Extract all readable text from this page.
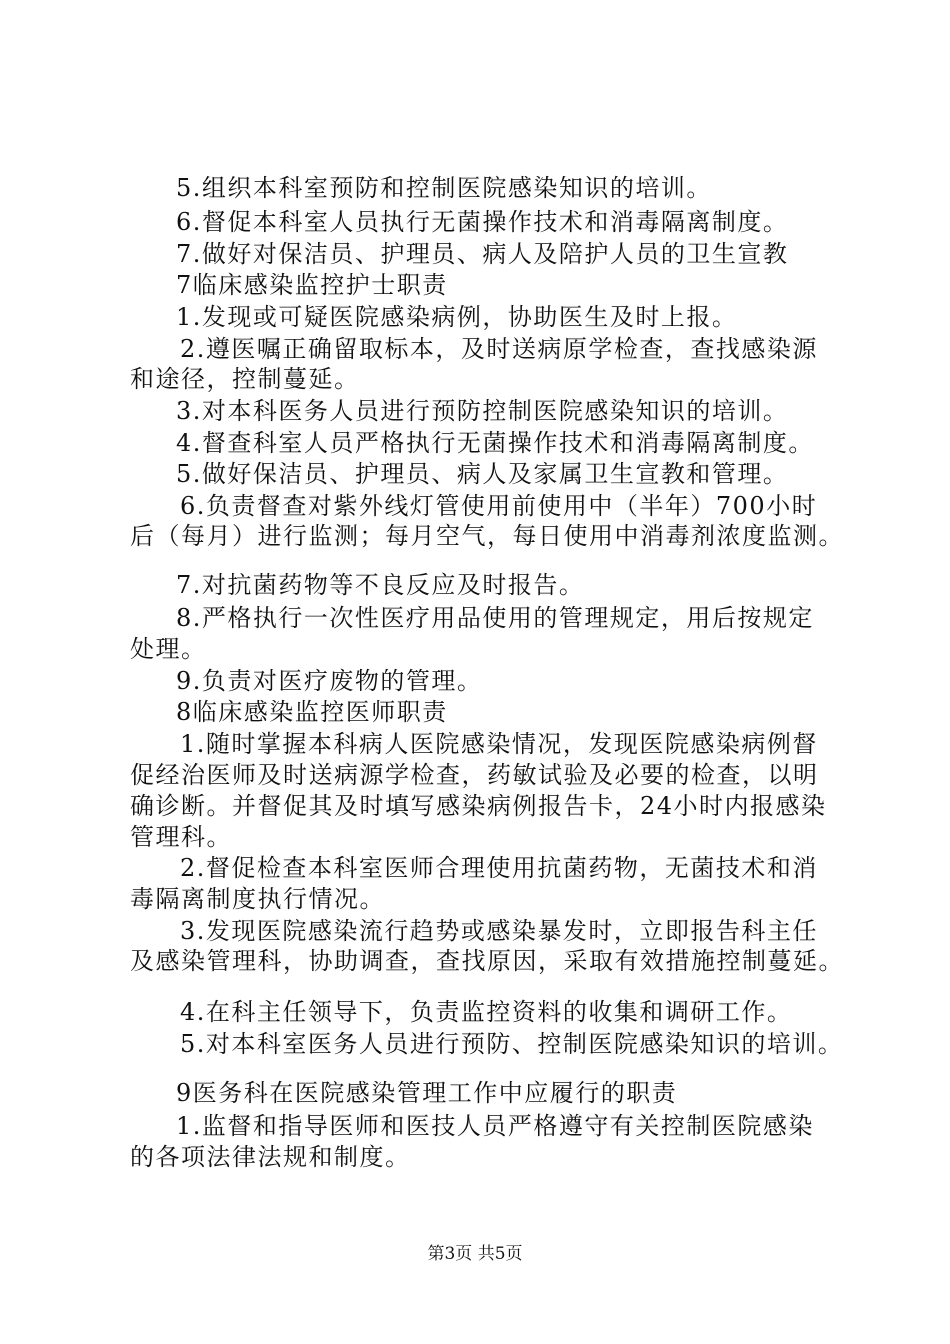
5.组织本科室预防和控制医院感染知识的培训。
6.督促本科室人员执行无菌操作技术和消毒隔离制度。
7.做好对保洁员、护理员、病人及陪护人员的卫生宣教
7临床感染监控护士职责
1.发现或可疑医院感染病例，协助医生及时上报。
2.遵医嘱正确留取标本，及时送病原学检查，查找感染源
和途径，控制蔓延。
3.对本科医务人员进行预防控制医院感染知识的培训。
4.督查科室人员严格执行无菌操作技术和消毒隔离制度。
5.做好保洁员、护理员、病人及家属卫生宣教和管理。
6.负责督查对紫外线灯管使用前使用中（半年）700小时
后（每月）进行监测；每月空气，每日使用中消毒剂浓度监测。
7.对抗菌药物等不良反应及时报告。
8.严格执行一次性医疗用品使用的管理规定，用后按规定
处理。
9.负责对医疗废物的管理。
8临床感染监控医师职责
1.随时掌握本科病人医院感染情况，发现医院感染病例督
促经治医师及时送病源学检查，药敏试验及必要的检查，以明
确诊断。并督促其及时填写感染病例报告卡，24小时内报感染
管理科。
2.督促检查本科室医师合理使用抗菌药物，无菌技术和消
毒隔离制度执行情况。
3.发现医院感染流行趋势或感染暴发时，立即报告科主任
及感染管理科，协助调查，查找原因，采取有效措施控制蔓延。
4.在科主任领导下，负责监控资料的收集和调研工作。
5.对本科室医务人员进行预防、控制医院感染知识的培训。
9医务科在医院感染管理工作中应履行的职责
1.监督和指导医师和医技人员严格遵守有关控制医院感染
的各项法律法规和制度。
第3页 共5页
